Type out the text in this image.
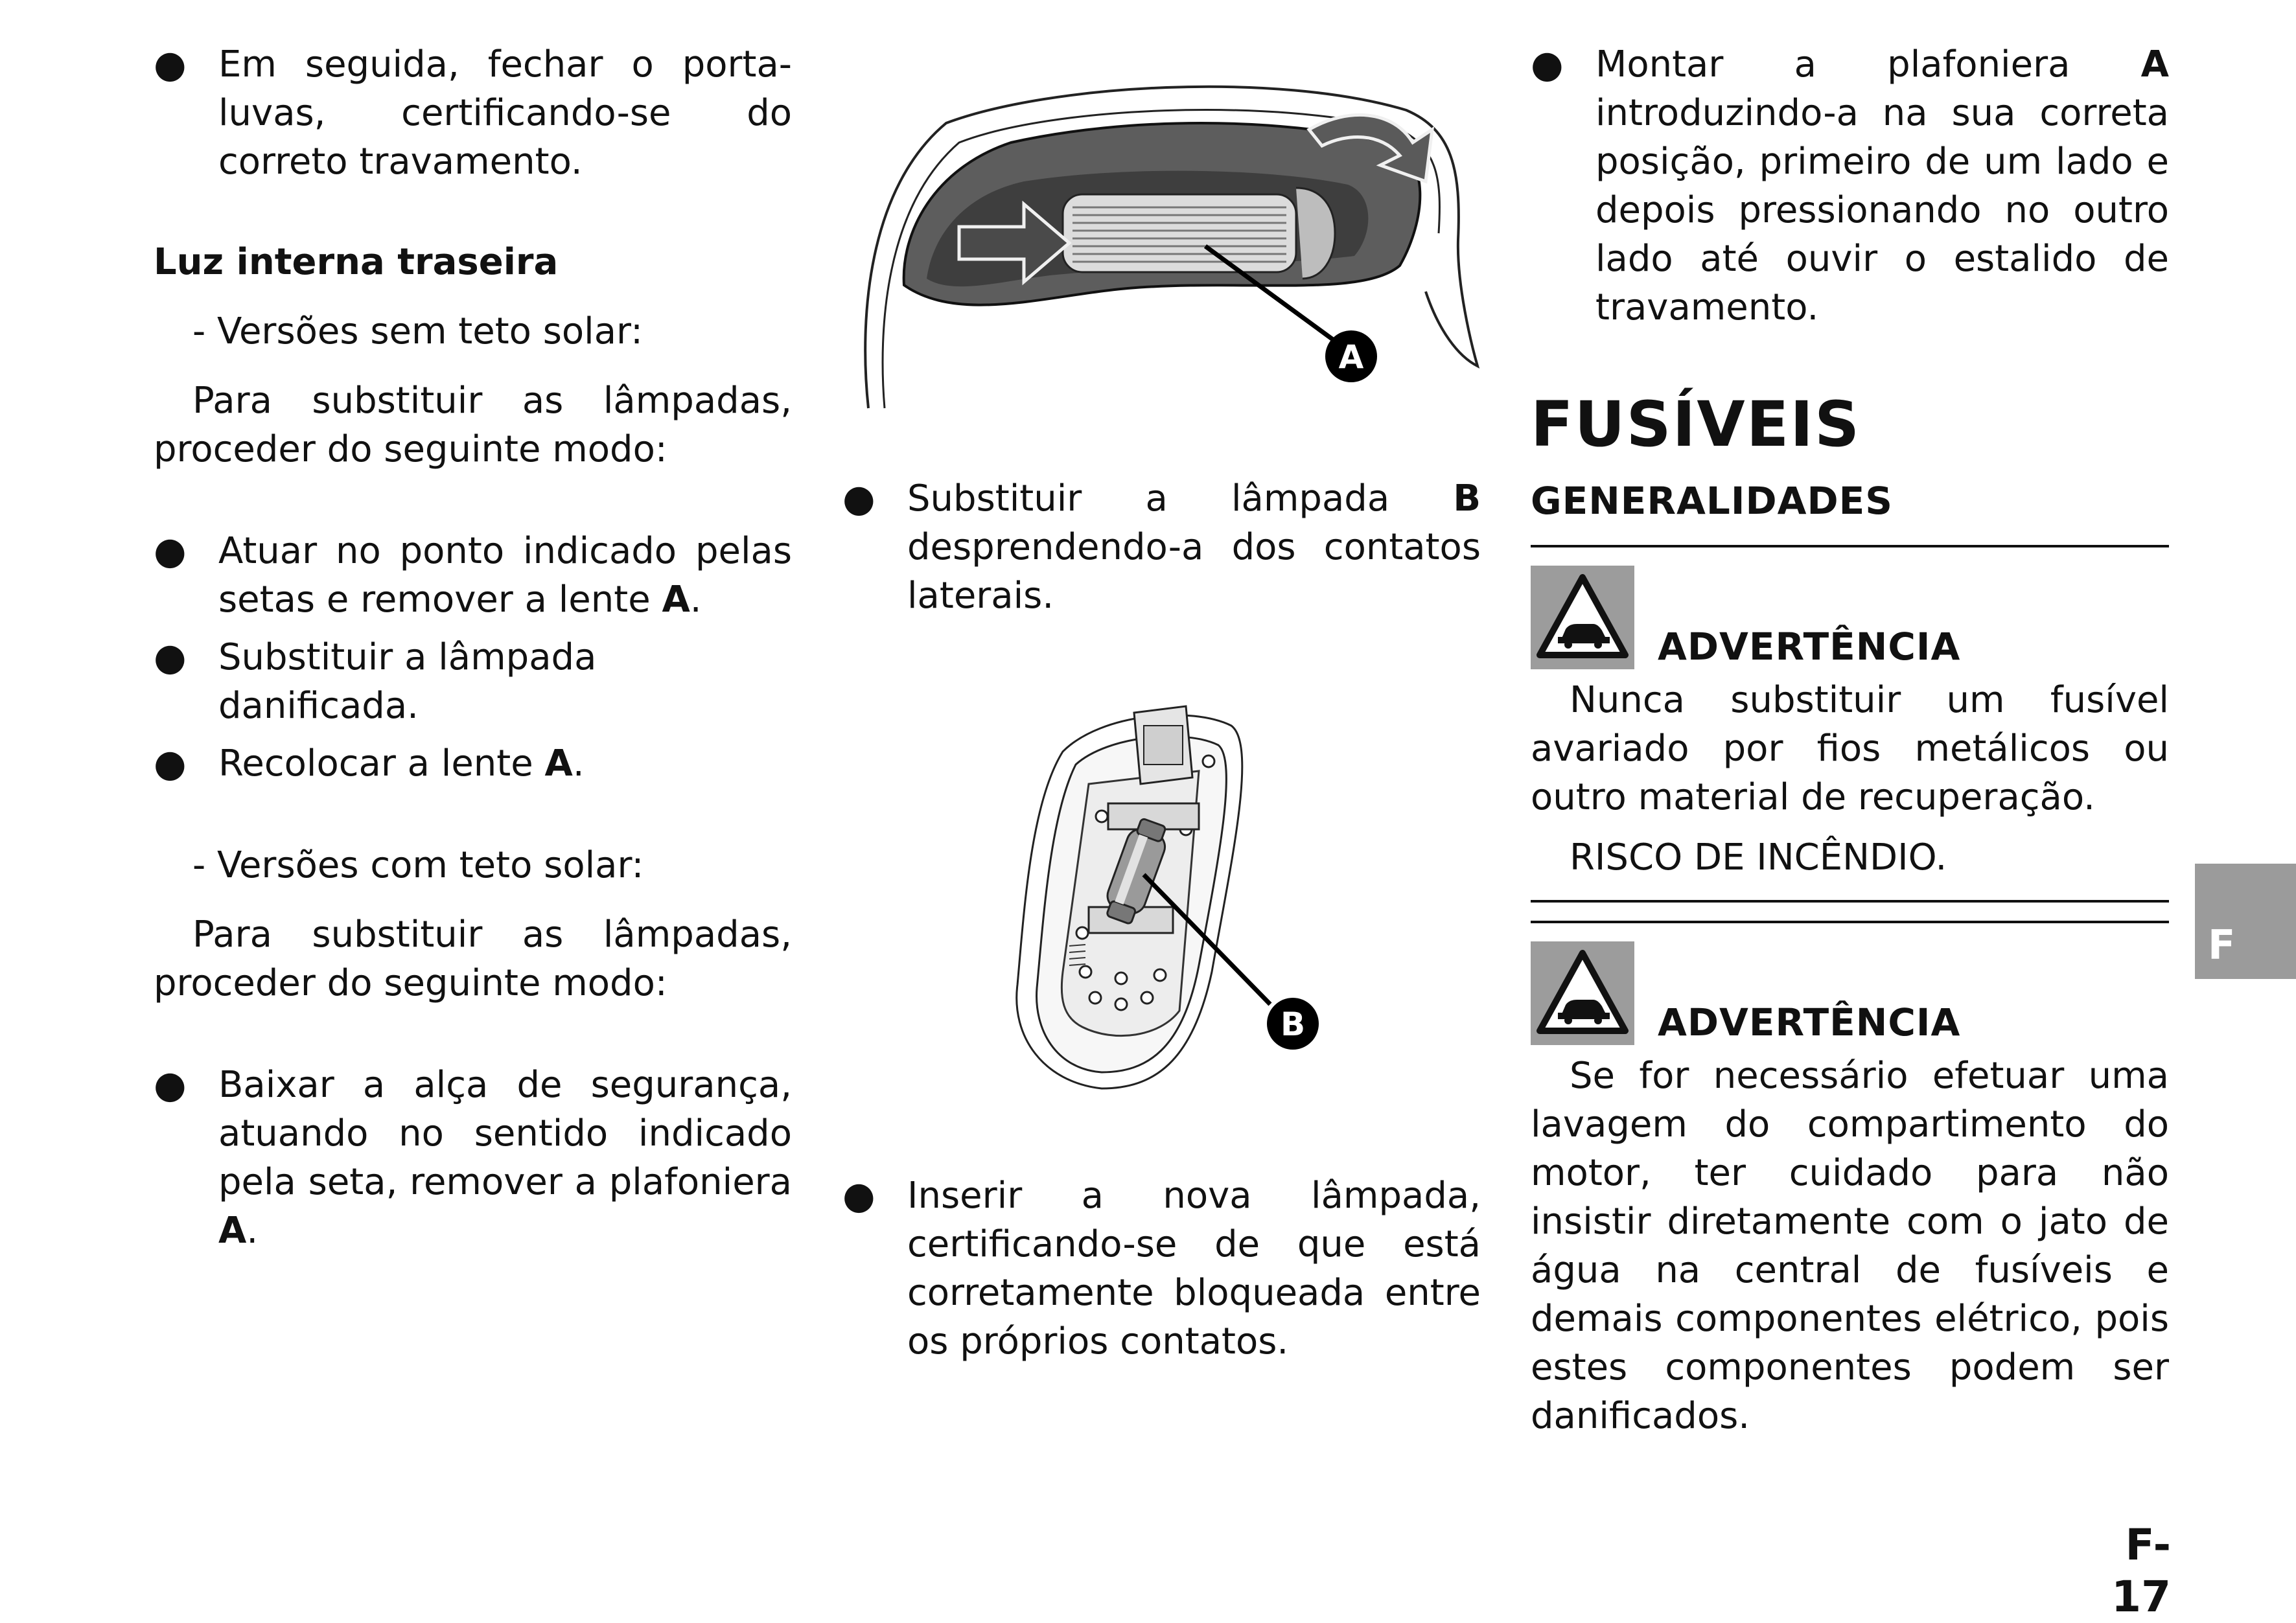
● Em seguida, fechar o porta-luvas, certificando-se do correto travamento.

Luz interna traseira

- Versões sem teto solar:

Para substituir as lâmpadas, proceder do seguinte modo:

● Atuar no ponto indicado pelas setas e remover a lente A.

● Substituir a lâmpada danificada.

● Recolocar a lente A.

- Versões com teto solar:

Para substituir as lâmpadas, proceder do seguinte modo:

● Baixar a alça de segurança, atuando no sentido indicado pela seta, remover a plafoniera A.

A

● Substituir a lâmpada B desprendendo-a dos contatos laterais.

B

● Inserir a nova lâmpada, certificando-se de que está corretamente bloqueada entre os próprios contatos.

● Montar a plafoniera A introduzindo-a na sua correta posição, primeiro de um lado e depois pressionando no outro lado até ouvir o estalido de travamento.

FUSÍVEIS

GENERALIDADES

ADVERTÊNCIA

Nunca substituir um fusível avariado por fios metálicos ou outro material de recuperação.

RISCO DE INCÊNDIO.

ADVERTÊNCIA

Se for necessário efetuar uma lavagem do compartimento do motor, ter cuidado para não insistir diretamente com o jato de água na central de fusíveis e demais componentes elétrico, pois estes componentes podem ser danificados.

F
F-17
